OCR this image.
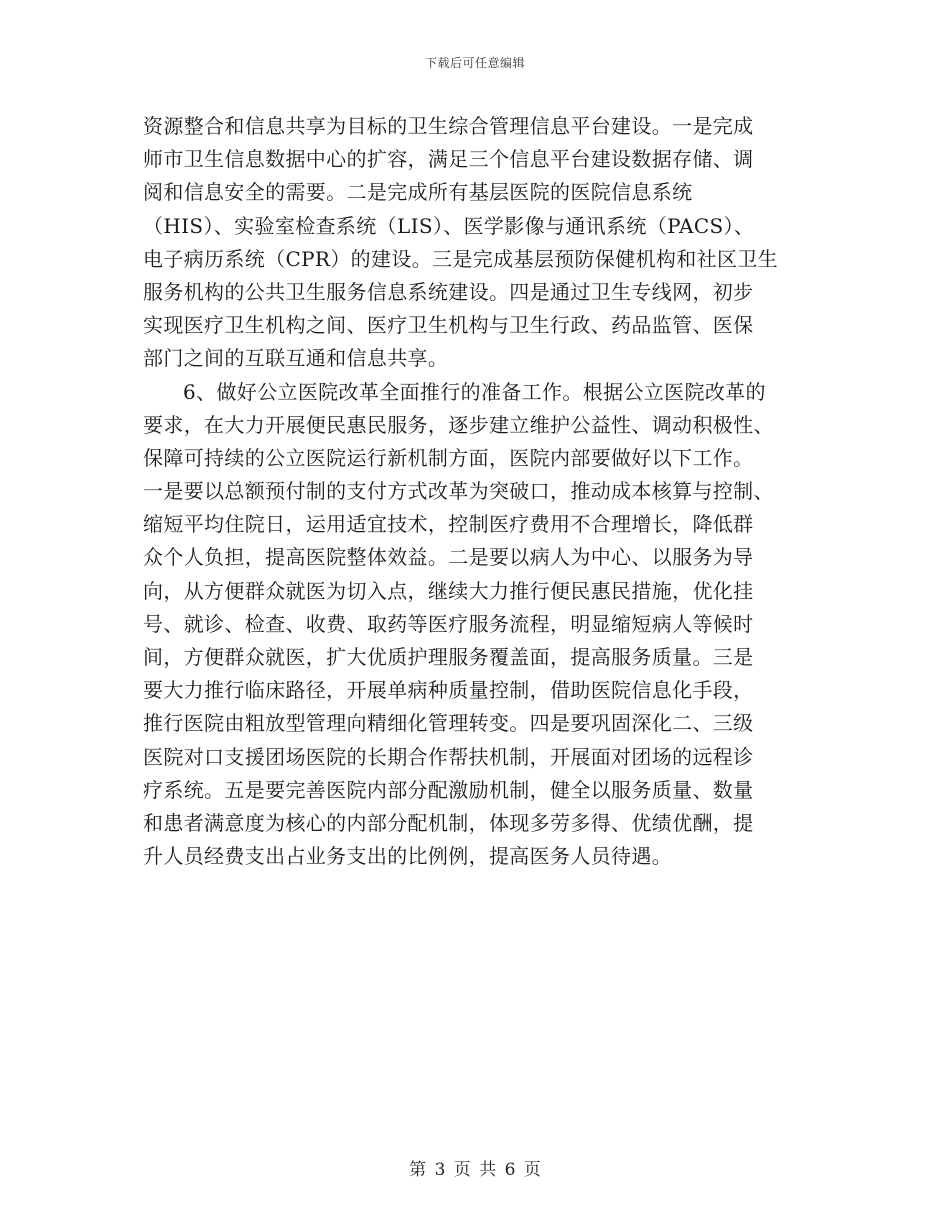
下载后可任意编辑
资源整合和信息共享为目标的卫生综合管理信息平台建设。一是完成
师市卫生信息数据中心的扩容，满足三个信息平台建设数据存储、调
阅和信息安全的需要。二是完成所有基层医院的医院信息系统
（HIS）、实验室检查系统（LIS）、医学影像与通讯系统（PACS）、
电子病历系统（CPR）的建设。三是完成基层预防保健机构和社区卫生
服务机构的公共卫生服务信息系统建设。四是通过卫生专线网，初步
实现医疗卫生机构之间、医疗卫生机构与卫生行政、药品监管、医保
部门之间的互联互通和信息共享。
6、做好公立医院改革全面推行的准备工作。根据公立医院改革的
要求，在大力开展便民惠民服务，逐步建立维护公益性、调动积极性、
保障可持续的公立医院运行新机制方面，医院内部要做好以下工作。
一是要以总额预付制的支付方式改革为突破口，推动成本核算与控制、
缩短平均住院日，运用适宜技术，控制医疗费用不合理增长，降低群
众个人负担，提高医院整体效益。二是要以病人为中心、以服务为导
向，从方便群众就医为切入点，继续大力推行便民惠民措施，优化挂
号、就诊、检查、收费、取药等医疗服务流程，明显缩短病人等候时
间，方便群众就医，扩大优质护理服务覆盖面，提高服务质量。三是
要大力推行临床路径，开展单病种质量控制，借助医院信息化手段，
推行医院由粗放型管理向精细化管理转变。四是要巩固深化二、三级
医院对口支援团场医院的长期合作帮扶机制，开展面对团场的远程诊
疗系统。五是要完善医院内部分配激励机制，健全以服务质量、数量
和患者满意度为核心的内部分配机制，体现多劳多得、优绩优酬，提
升人员经费支出占业务支出的比例例，提高医务人员待遇。
第 3 页 共 6 页
